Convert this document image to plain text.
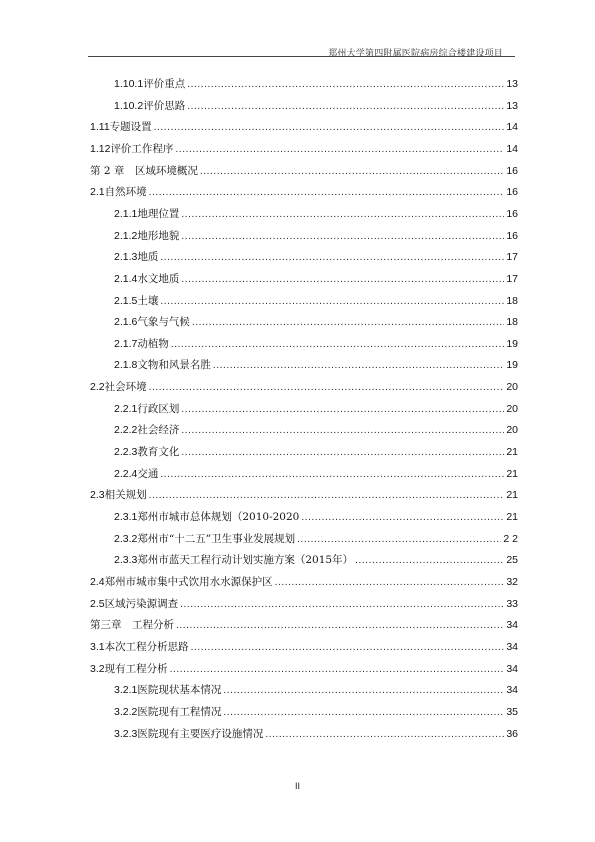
郑州大学第四附属医院病房综合楼建设项目
1.10.1评价重点 .....	13
1.10.2评价思路 .....	13
1.11专题设置 .....	14
1.12评价工作程序 .....	14
第 2 章　区域环境概况 .....	16
2.1自然环境 .....	16
2.1.1地理位置 .....	16
2.1.2地形地貌 .....	16
2.1.3地质 .....	17
2.1.4水文地质 .....	17
2.1.5土壤 .....	18
2.1.6气象与气候 .....	18
2.1.7动植物 .....	19
2.1.8文物和风景名胜 .....	19
2.2社会环境 .....	20
2.2.1行政区划 .....	20
2.2.2社会经济 .....	20
2.2.3教育文化 .....	21
2.2.4交通 .....	21
2.3相关规划 .....	21
2.3.1郑州市城市总体规划（2010-2020 .....	21
2.3.2郑州市“十二五”卫生事业发展规划 .....	2 2
2.3.3郑州市蓝天工程行动计划实施方案（2015年） .....	25
2.4郑州市城市集中式饮用水水源保护区 .....	32
2.5区域污染源调查 .....	33
第三章　工程分析 .....	34
3.1本次工程分析思路 .....	34
3.2现有工程分析 .....	34
3.2.1医院现状基本情况 .....	34
3.2.2医院现有工程情况 .....	35
3.2.3医院现有主要医疗设施情况 .....	36
II
